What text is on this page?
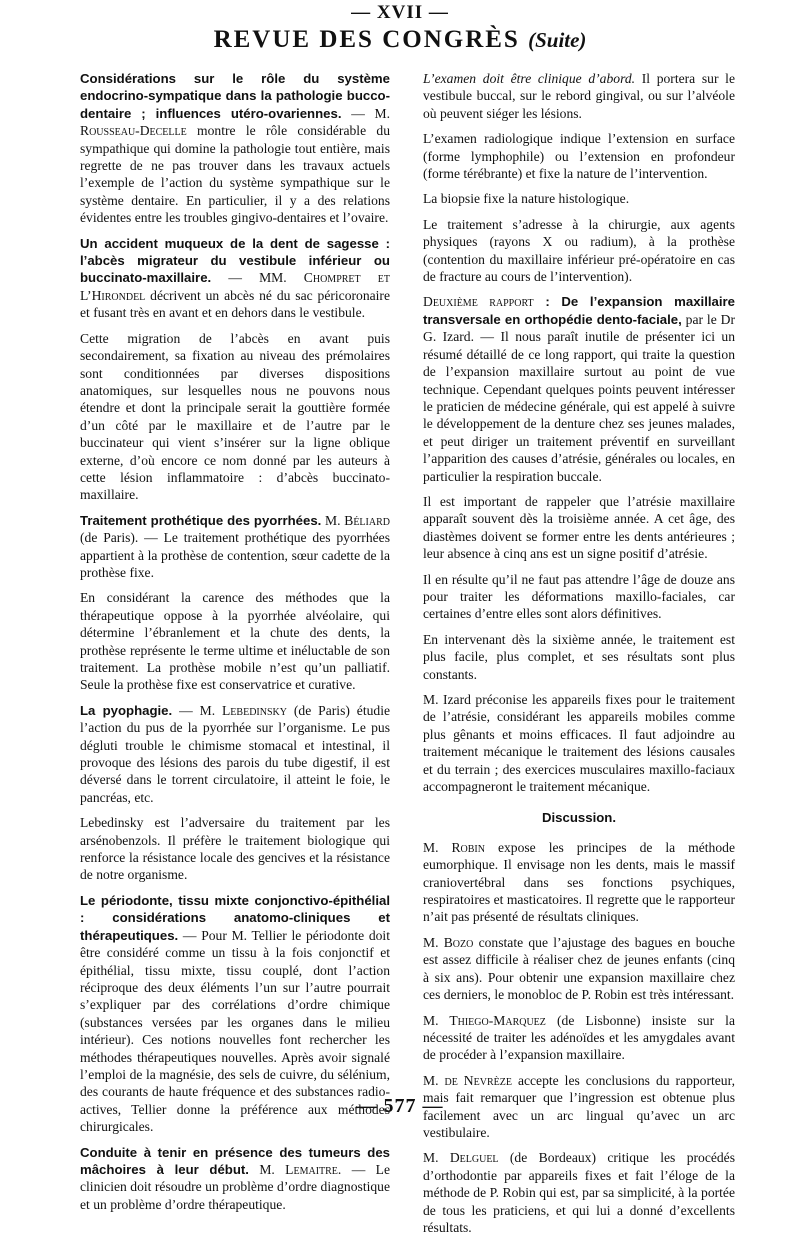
— XVII —
REVUE DES CONGRÈS (Suite)

Considérations sur le rôle du système endocrino-sympatique dans la pathologie bucco-dentaire ; influences utéro-ovariennes. — M. Rousseau-Decelle montre le rôle considérable du sympathique qui domine la pathologie tout entière, mais regrette de ne pas trouver dans les travaux actuels l’exemple de l’action du système sympathique sur le système dentaire. En particulier, il y a des relations évidentes entre les troubles gingivo-dentaires et l’ovaire.

Un accident muqueux de la dent de sagesse : l’abcès migrateur du vestibule inférieur ou buccinato-maxillaire. — MM. Chompret et L’Hirondel décrivent un abcès né du sac péricoronaire et fusant très en avant et en dehors dans le vestibule.

Cette migration de l’abcès en avant puis secondairement, sa fixation au niveau des prémolaires sont conditionnées par diverses dispositions anatomiques, sur lesquelles nous ne pouvons nous étendre et dont la principale serait la gouttière formée d’un côté par le maxillaire et de l’autre par le buccinateur qui vient s’insérer sur la ligne oblique externe, d’où encore ce nom donné par les auteurs à cette lésion inflammatoire : d’abcès buccinato-maxillaire.

Traitement prothétique des pyorrhées. M. Béliard (de Paris). — Le traitement prothétique des pyorrhées appartient à la prothèse de contention, sœur cadette de la prothèse fixe.

En considérant la carence des méthodes que la thérapeutique oppose à la pyorrhée alvéolaire, qui détermine l’ébranlement et la chute des dents, la prothèse représente le terme ultime et inéluctable de son traitement. La prothèse mobile n’est qu’un palliatif. Seule la prothèse fixe est conservatrice et curative.

La pyophagie. — M. Lebedinsky (de Paris) étudie l’action du pus de la pyorrhée sur l’organisme. Le pus dégluti trouble le chimisme stomacal et intestinal, il provoque des lésions des parois du tube digestif, il est déversé dans le torrent circulatoire, il atteint le foie, le pancréas, etc.

Lebedinsky est l’adversaire du traitement par les arsénobenzols. Il préfère le traitement biologique qui renforce la résistance locale des gencives et la résistance de notre organisme.

Le périodonte, tissu mixte conjonctivo-épithélial : considérations anatomo-cliniques et thérapeutiques. — Pour M. Tellier le périodonte doit être considéré comme un tissu à la fois conjonctif et épithélial, tissu mixte, tissu couplé, dont l’action réciproque des deux éléments l’un sur l’autre pourrait s’expliquer par des corrélations d’ordre chimique (substances versées par les organes dans le milieu intérieur). Ces notions nouvelles font rechercher les méthodes thérapeutiques nouvelles. Après avoir signalé l’emploi de la magnésie, des sels de cuivre, du sélénium, des courants de haute fréquence et des substances radio-actives, Tellier donne la préférence aux méthodes chirurgicales.

Conduite à tenir en présence des tumeurs des mâchoires à leur début. M. Lemaitre. — Le clinicien doit résoudre un problème d’ordre diagnostique et un problème d’ordre thérapeutique.

L’examen doit être clinique d’abord. Il portera sur le vestibule buccal, sur le rebord gingival, ou sur l’alvéole où peuvent siéger les lésions.

L’examen radiologique indique l’extension en surface (forme lymphophile) ou l’extension en profondeur (forme térébrante) et fixe la nature de l’intervention.

La biopsie fixe la nature histologique.

Le traitement s’adresse à la chirurgie, aux agents physiques (rayons X ou radium), à la prothèse (contention du maxillaire inférieur pré-opératoire en cas de fracture au cours de l’intervention).

Deuxième rapport : De l’expansion maxillaire transversale en orthopédie dento-faciale, par le Dr G. Izard. — Il nous paraît inutile de présenter ici un résumé détaillé de ce long rapport, qui traite la question de l’expansion maxillaire surtout au point de vue technique. Cependant quelques points peuvent intéresser le praticien de médecine générale, qui est appelé à suivre le développement de la denture chez ses jeunes malades, et peut diriger un traitement préventif en surveillant l’apparition des causes d’atrésie, générales ou locales, en particulier la respiration buccale.

Il est important de rappeler que l’atrésie maxillaire apparaît souvent dès la troisième année. A cet âge, des diastèmes doivent se former entre les dents antérieures ; leur absence à cinq ans est un signe positif d’atrésie.

Il en résulte qu’il ne faut pas attendre l’âge de douze ans pour traiter les déformations maxillo-faciales, car certaines d’entre elles sont alors définitives.

En intervenant dès la sixième année, le traitement est plus facile, plus complet, et ses résultats sont plus constants.

M. Izard préconise les appareils fixes pour le traitement de l’atrésie, considérant les appareils mobiles comme plus gênants et moins efficaces. Il faut adjoindre au traitement mécanique le traitement des lésions causales et du terrain ; des exercices musculaires maxillo-faciaux accompagneront le traitement mécanique.

Discussion.

M. Robin expose les principes de la méthode eumorphique. Il envisage non les dents, mais le massif craniovertébral dans ses fonctions psychiques, respiratoires et masticatoires. Il regrette que le rapporteur n’ait pas présenté de résultats cliniques.

M. Bozo constate que l’ajustage des bagues en bouche est assez difficile à réaliser chez de jeunes enfants (cinq à six ans). Pour obtenir une expansion maxillaire chez ces derniers, le monobloc de P. Robin est très intéressant.

M. Thiego-Marquez (de Lisbonne) insiste sur la nécessité de traiter les adénoïdes et les amygdales avant de procéder à l’expansion maxillaire.

M. de Nevrèze accepte les conclusions du rapporteur, mais fait remarquer que l’ingression est obtenue plus facilement avec un arc lingual qu’avec un arc vestibulaire.

M. Delguel (de Bordeaux) critique les procédés d’orthodontie par appareils fixes et fait l’éloge de la méthode de P. Robin qui est, par sa simplicité, à la portée de tous les praticiens, et qui lui a donné d’excellents résultats.

— 577 —
